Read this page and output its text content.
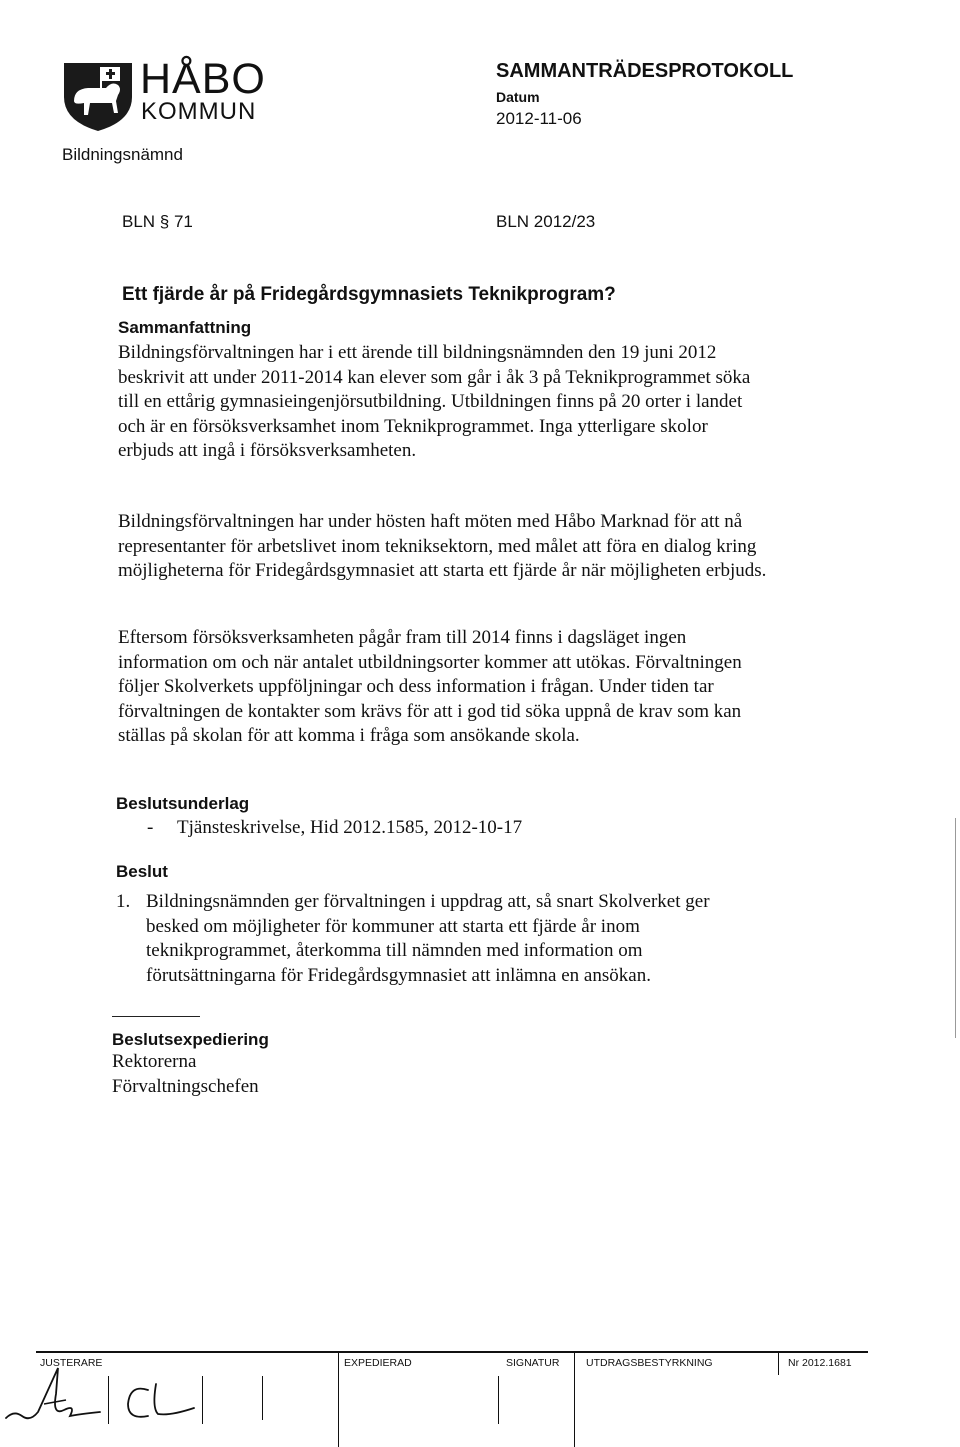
HÅBO
KOMMUN
Bildningsnämnd
SAMMANTRÄDESPROTOKOLL
Datum
2012-11-06
BLN § 71	BLN 2012/23
Ett fjärde år på Fridegårdsgymnasiets Teknikprogram?
Sammanfattning

Bildningsförvaltningen har i ett ärende till bildningsnämnden den 19 juni 2012 beskrivit att under 2011-2014 kan elever som går i åk 3 på Teknikprogrammet söka till en ettårig gymnasieingenjörsutbildning. Utbildningen finns på 20 orter i landet och är en försöksverksamhet inom Teknikprogrammet. Inga ytterligare skolor erbjuds att ingå i försöksverksamheten.

Bildningsförvaltningen har under hösten haft möten med Håbo Marknad för att nå representanter för arbetslivet inom tekniksektorn, med målet att föra en dialog kring möjligheterna för Fridegårdsgymnasiet att starta ett fjärde år när möjligheten erbjuds.

Eftersom försöksverksamheten pågår fram till 2014 finns i dagsläget ingen information om och när antalet utbildningsorter kommer att utökas. Förvaltningen följer Skolverkets uppföljningar och dess information i frågan. Under tiden tar förvaltningen de kontakter som krävs för att i god tid söka uppnå de krav som kan ställas på skolan för att komma i fråga som ansökande skola.

Beslutsunderlag
- Tjänsteskrivelse, Hid 2012.1585, 2012-10-17
Beslut
1. Bildningsnämnden ger förvaltningen i uppdrag att, så snart Skolverket ger besked om möjligheter för kommuner att starta ett fjärde år inom teknikprogrammet, återkomma till nämnden med information om förutsättningarna för Fridegårdsgymnasiet att inlämna en ansökan.
Beslutsexpediering
Rektorerna
Förvaltningschefen
JUSTERARE	EXPEDIERAD	SIGNATUR	UTDRAGSBESTYRKNING	Nr 2012.1681
